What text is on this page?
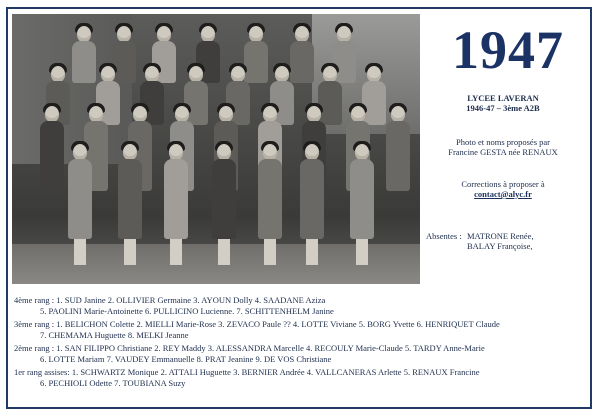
1947
LYCEE LAVERAN
1946-47 – 3ème A2B
Photo et noms proposés par
Francine GESTA née RENAUX
Corrections à proposer à
contact@alyc.fr
Absentes : MATRONE Renée,
BALAY Françoise,
4ème rang : 1. SUD Janine 2. OLLIVIER Germaine 3. AYOUN Dolly 4. SAADANE Aziza
5. PAOLINI Marie-Antoinette 6. PULLICINO Lucienne. 7. SCHITTENHELM Janine
3ème rang : 1. BELICHON Colette 2. MIELLI Marie-Rose 3. ZEVACO Paule ?? 4. LOTTE Viviane 5. BORG Yvette 6. HENRIQUET Claude
7. CHEMAMA Huguette 8. MELKI Jeanne
2ème rang : 1. SAN FILIPPO Christiane 2. REY Maddy 3. ALESSANDRA Marcelle 4. RECOULY Marie-Claude 5. TARDY Anne-Marie
6. LOTTE Mariam 7. VAUDEY Emmanuelle 8. PRAT Jeanine 9. DE VOS Christiane
1er rang assises: 1. SCHWARTZ Monique 2. ATTALI Huguette 3. BERNIER Andrée 4. VALLCANERAS Arlette 5. RENAUX Francine
6. PECHIOLI Odette 7. TOUBIANA Suzy
